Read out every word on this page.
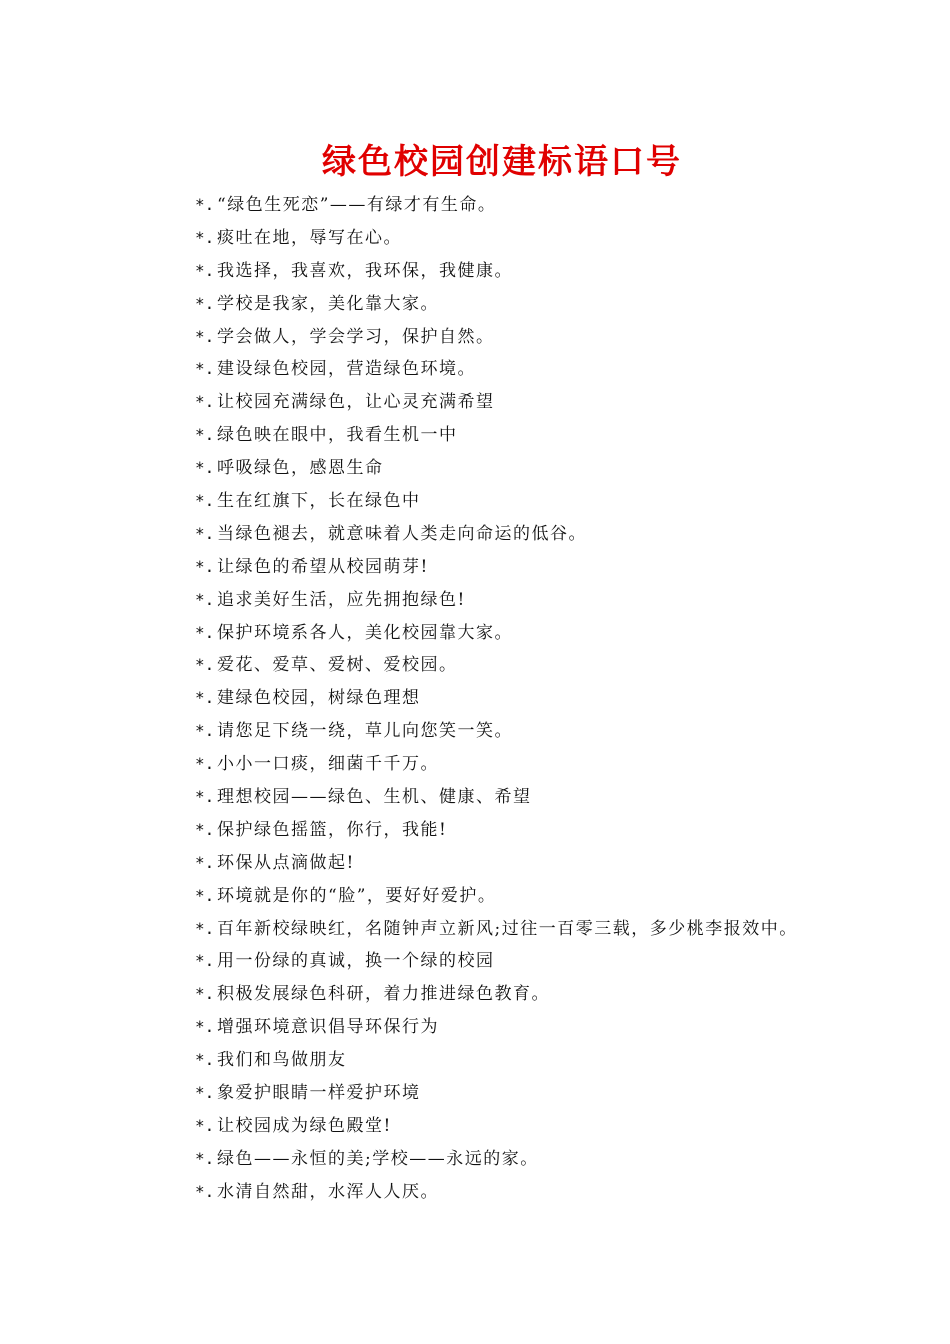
绿色校园创建标语口号
*. “绿色生死恋”——有绿才有生命。
*. 痰吐在地，辱写在心。
*. 我选择，我喜欢，我环保，我健康。
*. 学校是我家，美化靠大家。
*. 学会做人，学会学习，保护自然。
*. 建设绿色校园，营造绿色环境。
*. 让校园充满绿色，让心灵充满希望
*. 绿色映在眼中，我看生机一中
*. 呼吸绿色，感恩生命
*. 生在红旗下，长在绿色中
*. 当绿色褪去，就意味着人类走向命运的低谷。
*. 让绿色的希望从校园萌芽!
*. 追求美好生活，应先拥抱绿色!
*. 保护环境系各人，美化校园靠大家。
*. 爱花、爱草、爱树、爱校园。
*. 建绿色校园，树绿色理想
*. 请您足下绕一绕，草儿向您笑一笑。
*. 小小一口痰，细菌千千万。
*. 理想校园——绿色、生机、健康、希望
*. 保护绿色摇篮，你行，我能!
*. 环保从点滴做起!
*. 环境就是你的“脸”，要好好爱护。
*. 百年新校绿映红，名随钟声立新风;过往一百零三载，多少桃李报效中。
*. 用一份绿的真诚，换一个绿的校园
*. 积极发展绿色科研，着力推进绿色教育。
*. 增强环境意识倡导环保行为
*. 我们和鸟做朋友
*. 象爱护眼睛一样爱护环境
*. 让校园成为绿色殿堂!
*. 绿色——永恒的美;学校——永远的家。
*. 水清自然甜，水浑人人厌。
